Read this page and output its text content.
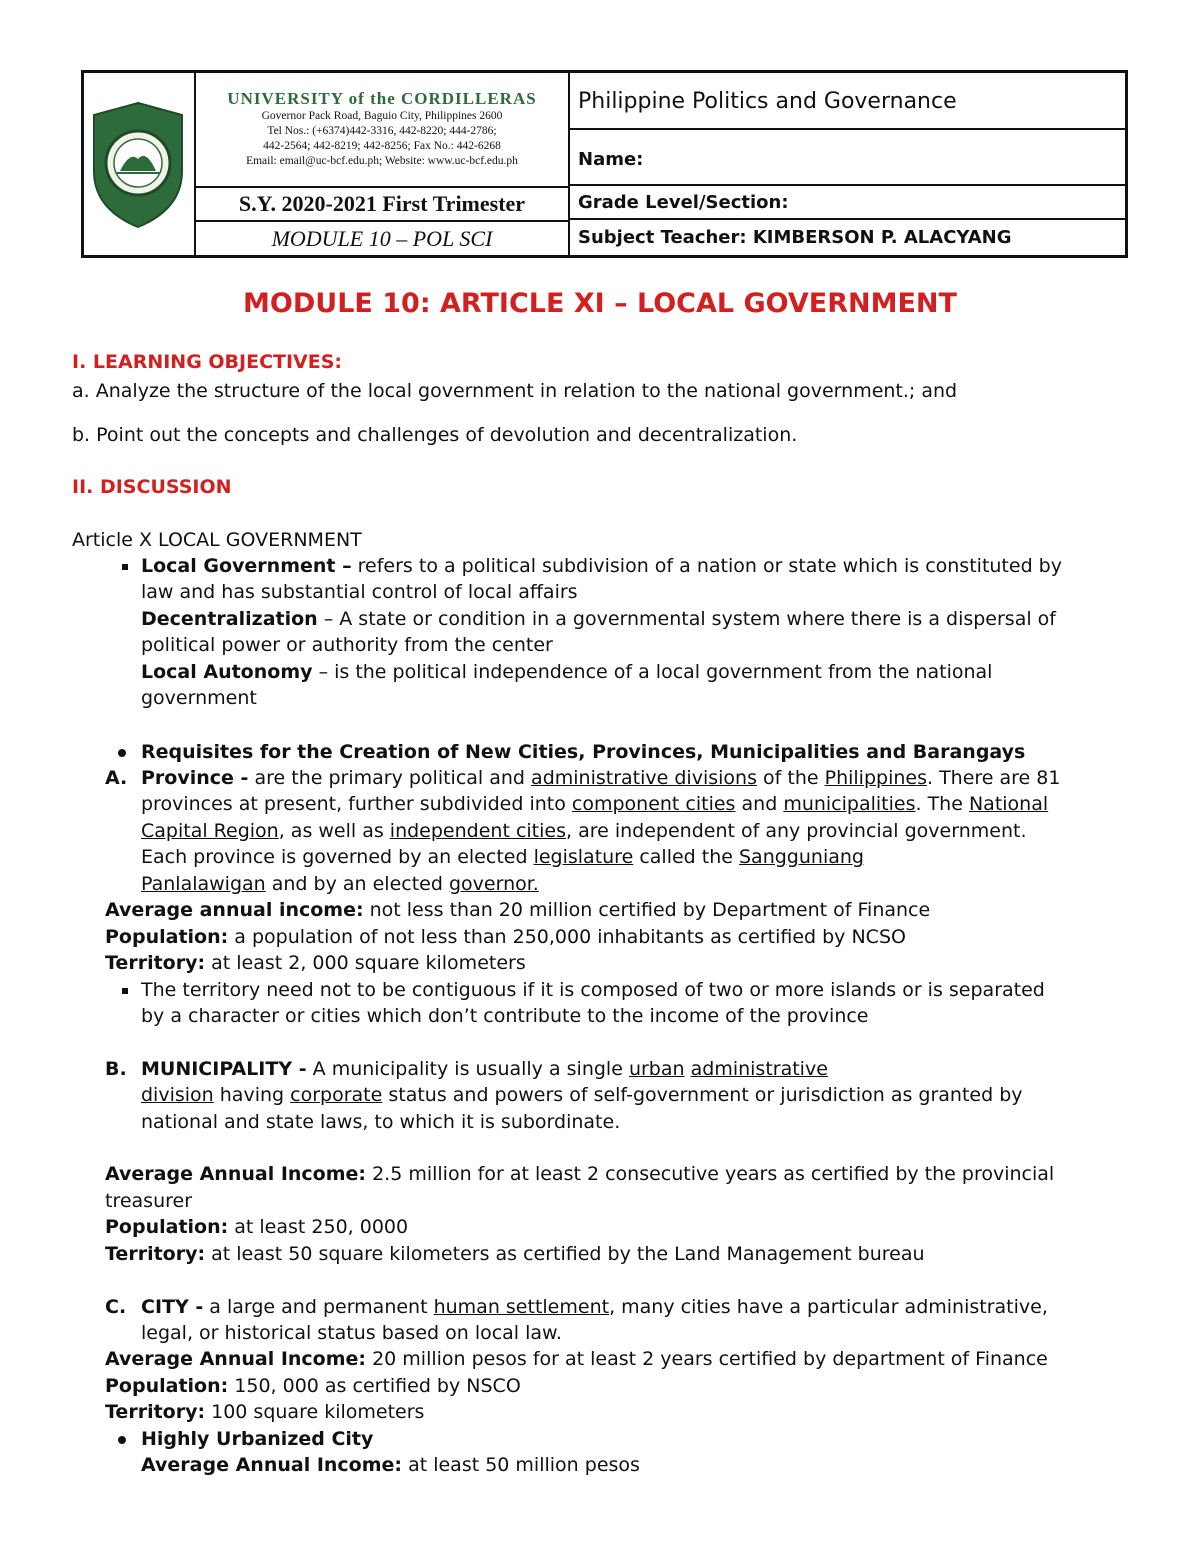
UNIVERSITY of the CORDILLERAS
Governor Pack Road, Baguio City, Philippines 2600
Tel Nos.: (+6374)442-3316, 442-8220; 444-2786;
442-2564; 442-8219; 442-8256; Fax No.: 442-6268
Email: email@uc-bcf.edu.ph; Website: www.uc-bcf.edu.ph
S.Y. 2020-2021 First Trimester
MODULE 10 – POL SCI
Philippine Politics and Governance
Name:
Grade Level/Section:
Subject Teacher: KIMBERSON P. ALACYANG
MODULE 10: ARTICLE XI – LOCAL GOVERNMENT
I. LEARNING OBJECTIVES:
a. Analyze the structure of the local government in relation to the national government.; and
b. Point out the concepts and challenges of devolution and decentralization.
II. DISCUSSION
Article X LOCAL GOVERNMENT
Local Government – refers to a political subdivision of a nation or state which is constituted by
law and has substantial control of local affairs
Decentralization – A state or condition in a governmental system where there is a dispersal of
political power or authority from the center
Local Autonomy – is the political independence of a local government from the national
government
Requisites for the Creation of New Cities, Provinces, Municipalities and Barangays
A. Province - are the primary political and administrative divisions of the Philippines. There are 81
provinces at present, further subdivided into component cities and municipalities. The National
Capital Region, as well as independent cities, are independent of any provincial government.
Each province is governed by an elected legislature called the Sangguniang
Panlalawigan and by an elected governor.
Average annual income: not less than 20 million certified by Department of Finance
Population: a population of not less than 250,000 inhabitants as certified by NCSO
Territory: at least 2, 000 square kilometers
The territory need not to be contiguous if it is composed of two or more islands or is separated
by a character or cities which don’t contribute to the income of the province
B. MUNICIPALITY - A municipality is usually a single urban administrative
division having corporate status and powers of self-government or jurisdiction as granted by
national and state laws, to which it is subordinate.
Average Annual Income: 2.5 million for at least 2 consecutive years as certified by the provincial
treasurer
Population: at least 250, 0000
Territory: at least 50 square kilometers as certified by the Land Management bureau
C. CITY - a large and permanent human settlement, many cities have a particular administrative,
legal, or historical status based on local law.
Average Annual Income: 20 million pesos for at least 2 years certified by department of Finance
Population: 150, 000 as certified by NSCO
Territory: 100 square kilometers
Highly Urbanized City
Average Annual Income: at least 50 million pesos
